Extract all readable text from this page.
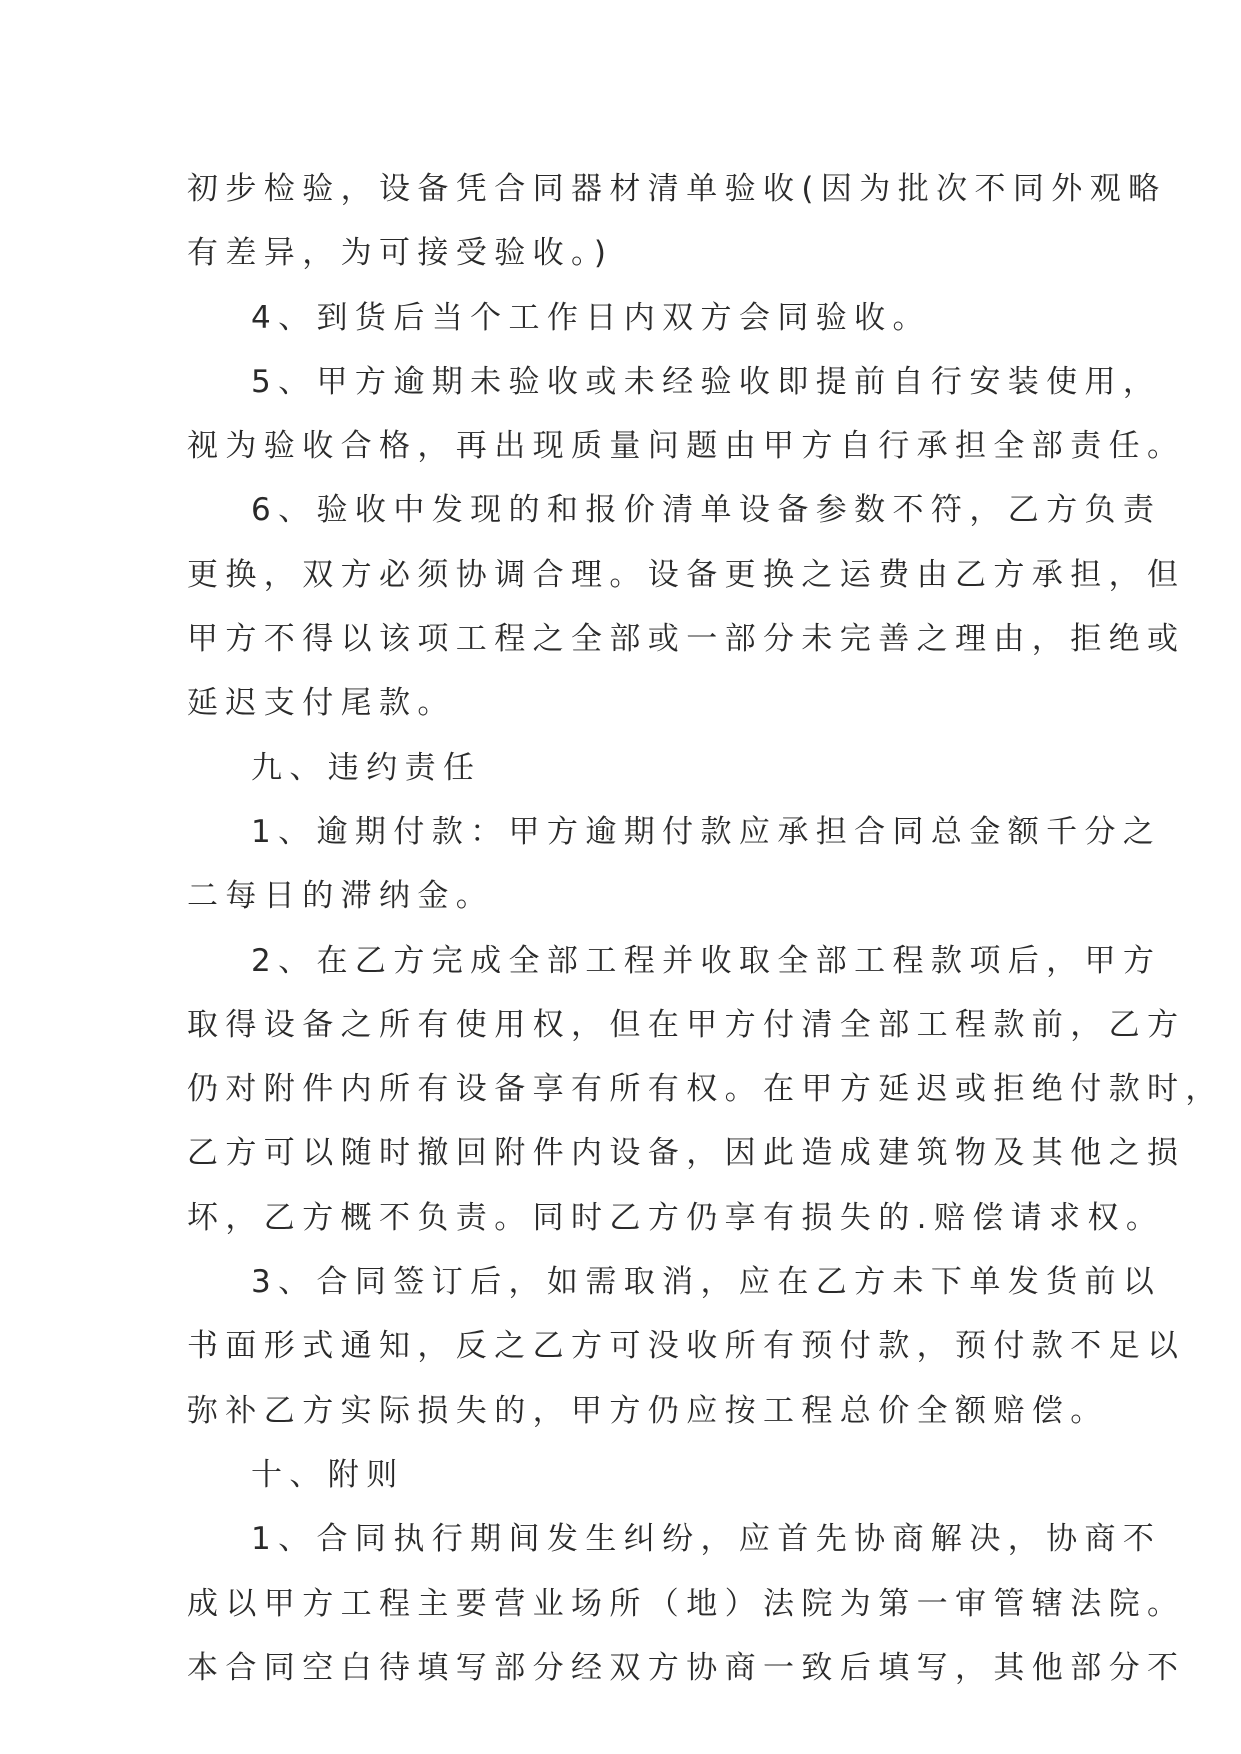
初步检验，设备凭合同器材清单验收(因为批次不同外观略
有差异，为可接受验收。)
4、到货后当个工作日内双方会同验收。
5、甲方逾期未验收或未经验收即提前自行安装使用，
视为验收合格，再出现质量问题由甲方自行承担全部责任。
6、验收中发现的和报价清单设备参数不符，乙方负责
更换，双方必须协调合理。设备更换之运费由乙方承担，但
甲方不得以该项工程之全部或一部分未完善之理由，拒绝或
延迟支付尾款。
九、违约责任
1、逾期付款：甲方逾期付款应承担合同总金额千分之
二每日的滞纳金。
2、在乙方完成全部工程并收取全部工程款项后，甲方
取得设备之所有使用权，但在甲方付清全部工程款前，乙方
仍对附件内所有设备享有所有权。在甲方延迟或拒绝付款时，
乙方可以随时撤回附件内设备，因此造成建筑物及其他之损
坏，乙方概不负责。同时乙方仍享有损失的.赔偿请求权。
3、合同签订后，如需取消，应在乙方未下单发货前以
书面形式通知，反之乙方可没收所有预付款，预付款不足以
弥补乙方实际损失的，甲方仍应按工程总价全额赔偿。
十、附则
1、合同执行期间发生纠纷，应首先协商解决，协商不
成以甲方工程主要营业场所（地）法院为第一审管辖法院。
本合同空白待填写部分经双方协商一致后填写，其他部分不
